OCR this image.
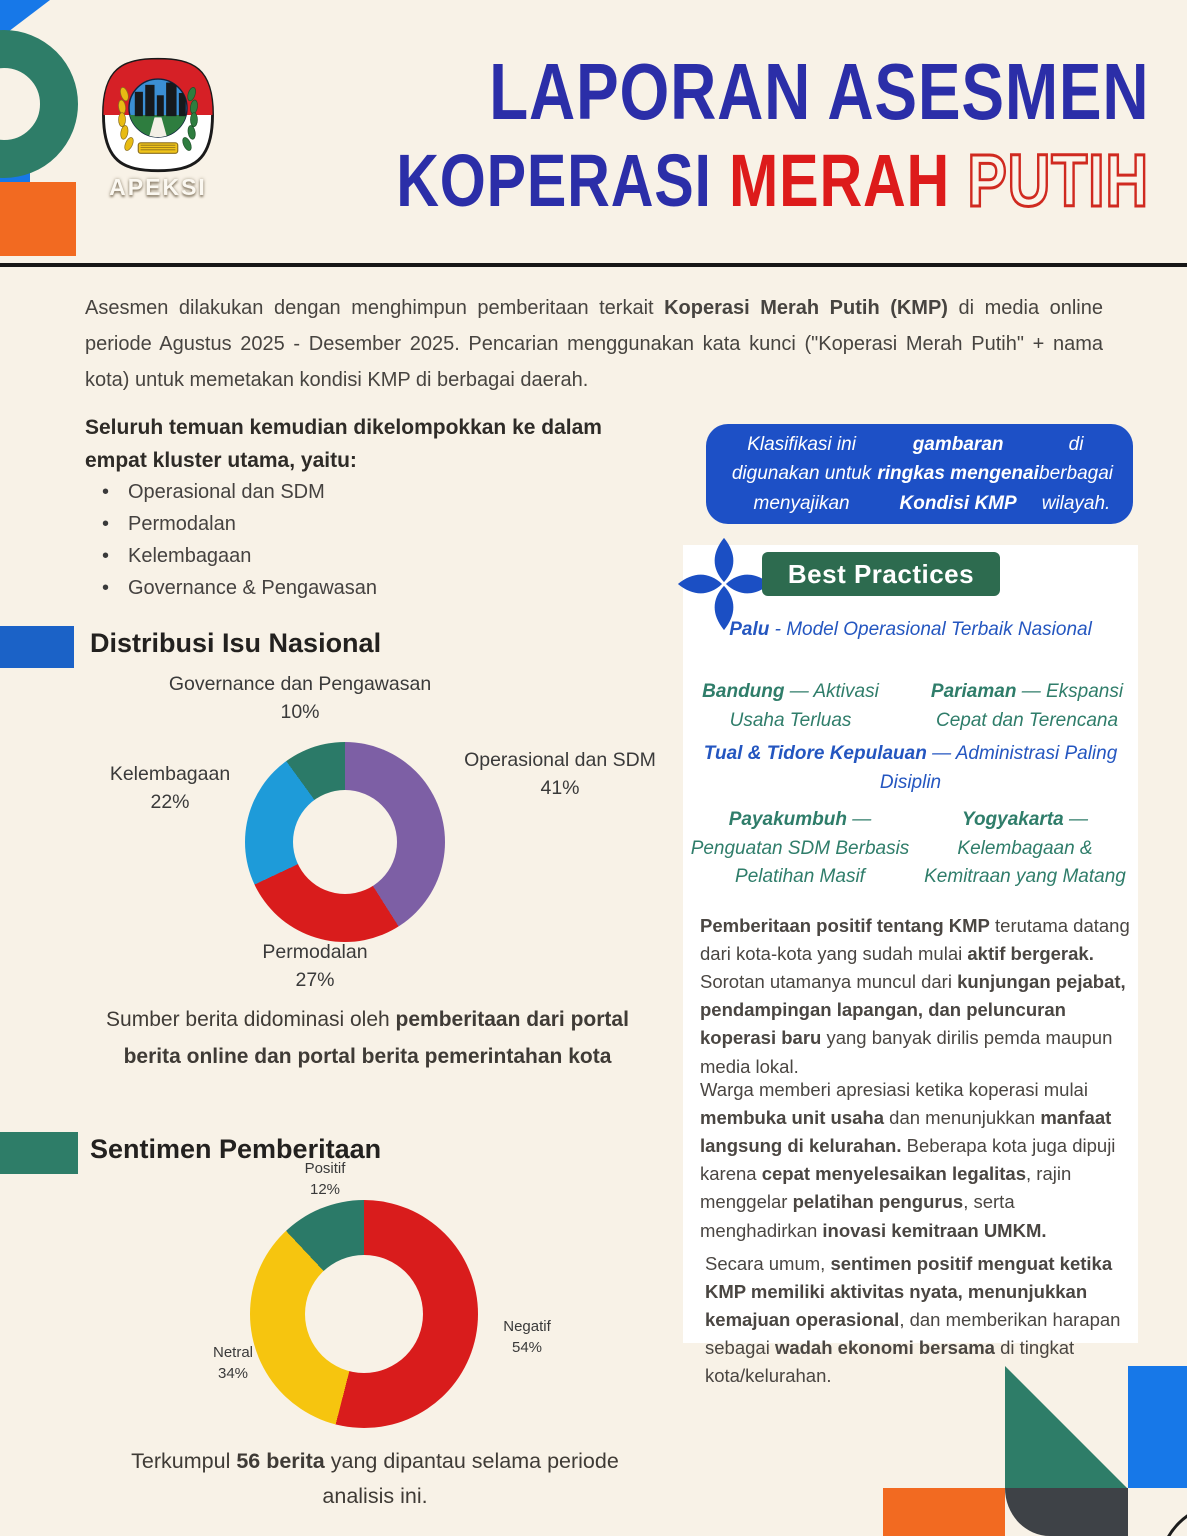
APEKSI
LAPORAN ASESMEN
KOPERASI MERAH PUTIH
Asesmen dilakukan dengan menghimpun pemberitaan terkait Koperasi Merah Putih (KMP) di media online periode Agustus 2025 - Desember 2025. Pencarian menggunakan kata kunci ("Koperasi Merah Putih" + nama kota) untuk memetakan kondisi KMP di berbagai daerah.
Seluruh temuan kemudian dikelompokkan ke dalam empat kluster utama, yaitu:
• Operasional dan SDM
• Permodalan
• Kelembagaan
• Governance & Pengawasan
Distribusi Isu Nasional
Governance dan Pengawasan
10%
Operasional dan SDM
41%
Kelembagaan
22%
Permodalan
27%
Sumber berita didominasi oleh pemberitaan dari portal berita online dan portal berita pemerintahan kota
Sentimen Pemberitaan
Positif
12%
Negatif
54%
Netral
34%
Terkumpul 56 berita yang dipantau selama periode analisis ini.
Klasifikasi ini digunakan untuk menyajikan
gambaran ringkas mengenai Kondisi KMP
di berbagai wilayah.
Best Practices
Palu - Model Operasional Terbaik Nasional
Bandung — Aktivasi Usaha Terluas
Pariaman — Ekspansi Cepat dan Terencana
Tual & Tidore Kepulauan — Administrasi Paling Disiplin
Payakumbuh — Penguatan SDM Berbasis Pelatihan Masif
Yogyakarta — Kelembagaan & Kemitraan yang Matang
Pemberitaan positif tentang KMP terutama datang dari kota-kota yang sudah mulai aktif bergerak. Sorotan utamanya muncul dari kunjungan pejabat, pendampingan lapangan, dan peluncuran koperasi baru yang banyak dirilis pemda maupun media lokal.
Warga memberi apresiasi ketika koperasi mulai membuka unit usaha dan menunjukkan manfaat langsung di kelurahan. Beberapa kota juga dipuji karena cepat menyelesaikan legalitas, rajin menggelar pelatihan pengurus, serta menghadirkan inovasi kemitraan UMKM.
Secara umum, sentimen positif menguat ketika KMP memiliki aktivitas nyata, menunjukkan kemajuan operasional, dan memberikan harapan sebagai wadah ekonomi bersama di tingkat kota/kelurahan.
